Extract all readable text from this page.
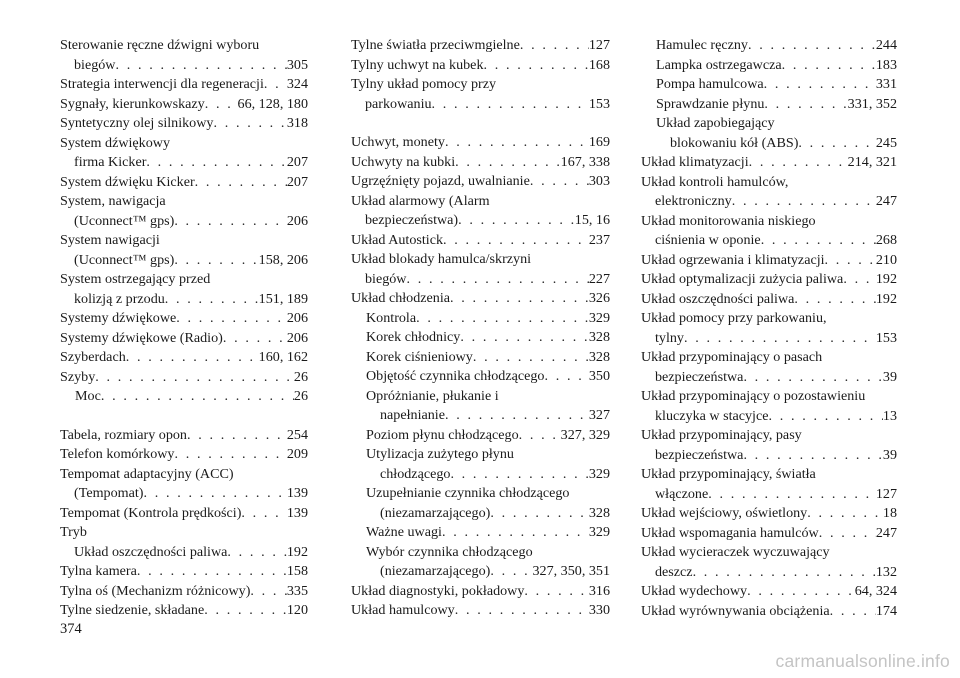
Sterowanie ręczne dźwigni wyboru
biegów . . .	305
Strategia interwencji dla regeneracji . . . 324
Sygnały, kierunkowskazy . . . 66, 128, 180
Syntetyczny olej silnikowy . . .	318
System dźwiękowy
firma Kicker . . .	207
System dźwięku Kicker . . .	207
System, nawigacja
(Uconnect™ gps) . . .	206
System nawigacji
(Uconnect™ gps) . . .	158, 206
System ostrzegający przed
kolizją z przodu . . .	151, 189
Systemy dźwiękowe . . .	206
Systemy dźwiękowe (Radio) . . .	206
Szyberdach . . .	160, 162
Szyby . . .	26
Moc . . .	26
Tabela, rozmiary opon . . .	254
Telefon komórkowy . . .	209
Tempomat adaptacyjny (ACC)
(Tempomat) . . .	139
Tempomat (Kontrola prędkości) . . .	139
Tryb
Układ oszczędności paliwa . . .	192
Tylna kamera . . .	158
Tylna oś (Mechanizm różnicowy) . . .	335
Tylne siedzenie, składane . . .	120
Tylne światła przeciwmgielne . . .	127
Tylny uchwyt na kubek . . .	168
Tylny układ pomocy przy
parkowaniu . . .	153
Uchwyt, monety . . .	169
Uchwyty na kubki . . .	167, 338
Ugrzęźnięty pojazd, uwalnianie . . .	303
Układ alarmowy (Alarm
bezpieczeństwa) . . .	15, 16
Układ Autostick . . .	237
Układ blokady hamulca/skrzyni
biegów . . .	227
Układ chłodzenia . . .	326
Kontrola . . .	329
Korek chłodnicy . . .	328
Korek ciśnieniowy . . .	328
Objętość czynnika chłodzącego . . .	350
Opróżnianie, płukanie i
napełnianie . . .	327
Poziom płynu chłodzącego . . .	327, 329
Utylizacja zużytego płynu
chłodzącego . . .	329
Uzupełnianie czynnika chłodzącego
(niezamarzającego) . . .	328
Ważne uwagi . . .	329
Wybór czynnika chłodzącego
(niezamarzającego) . . .	327, 350, 351
Układ diagnostyki, pokładowy . . .	316
Układ hamulcowy . . .	330
Hamulec ręczny . . .	244
Lampka ostrzegawcza . . .	183
Pompa hamulcowa . . .	331
Sprawdzanie płynu . . .	331, 352
Układ zapobiegający
blokowaniu kół (ABS) . . .	245
Układ klimatyzacji . . .	214, 321
Układ kontroli hamulców,
elektroniczny . . .	247
Układ monitorowania niskiego
ciśnienia w oponie . . .	268
Układ ogrzewania i klimatyzacji . . .	210
Układ optymalizacji zużycia paliwa . . . 192
Układ oszczędności paliwa . . .	192
Układ pomocy przy parkowaniu,
tylny . . .	153
Układ przypominający o pasach
bezpieczeństwa . . .	39
Układ przypominający o pozostawieniu
kluczyka w stacyjce . . .	13
Układ przypominający, pasy
bezpieczeństwa . . .	39
Układ przypominający, światła
włączone . . .	127
Układ wejściowy, oświetlony . . .	18
Układ wspomagania hamulców . . .	247
Układ wycieraczek wyczuwający
deszcz . . .	132
Układ wydechowy . . .	64, 324
Układ wyrównywania obciążenia . . .	174
374
carmanualsonline.info
